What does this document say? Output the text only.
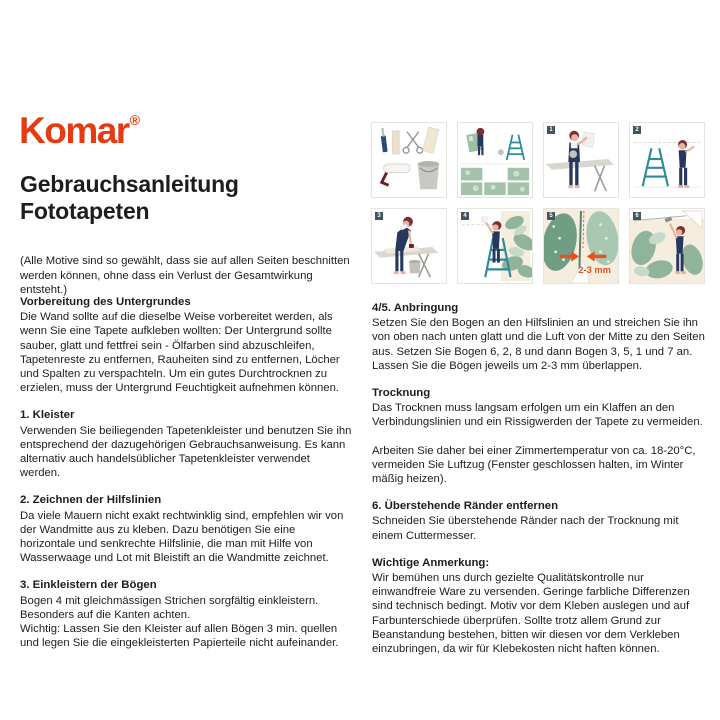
Komar®
Gebrauchsanleitung
Fototapeten

(Alle Motive sind so gewählt, dass sie auf allen Seiten beschnitten werden können, ohne dass ein Verlust der Gesamtwirkung entsteht.)

1	2
3	4	5
2-3 mm
6
Vorbereitung des Untergrundes

Die Wand sollte auf die dieselbe Weise vorbereitet werden, als wenn Sie eine Tapete aufkleben wollten: Der Untergrund sollte sauber, glatt und fettfrei sein - Ölfarben sind abzuschleifen, Tapetenreste zu entfernen, Rauheiten sind zu entfernen, Löcher und Spalten zu verspachteln. Um ein gutes Durchtrocknen zu erzielen, muss der Untergrund Feuchtigkeit aufnehmen können.

1. Kleister

Verwenden Sie beiliegenden Tapetenkleister und benutzen Sie ihn entsprechend der dazugehörigen Gebrauchsanweisung. Es kann alternativ auch handelsüblicher Tapetenkleister verwendet werden.

2. Zeichnen der Hilfslinien

Da viele Mauern nicht exakt rechtwinklig sind, empfehlen wir von der Wandmitte aus zu kleben. Dazu benötigen Sie eine horizontale und senkrechte Hilfslinie, die man mit Hilfe von Wasserwaage und Lot mit Bleistift an die Wandmitte zeichnet.

3. Einkleistern der Bögen

Bogen 4 mit gleichmässigen Strichen sorgfältig einkleistern. Besonders auf die Kanten achten.

Wichtig: Lassen Sie den Kleister auf allen Bögen 3 min. quellen und legen Sie die eingekleisterten Papierteile nicht aufeinander.

4/5. Anbringung

Setzen Sie den Bogen an den Hilfslinien an und streichen Sie ihn von oben nach unten glatt und die Luft von der Mitte zu den Seiten aus. Setzen Sie Bogen 6, 2, 8 und dann Bogen 3, 5, 1 und 7 an. Lassen Sie die Bögen jeweils um 2-3 mm überlappen.

Trocknung

Das Trocknen muss langsam erfolgen um ein Klaffen an den Verbindungslinien und ein Rissigwerden der Tapete zu vermeiden.

Arbeiten Sie daher bei einer Zimmertemperatur von ca. 18-20°C, vermeiden Sie Luftzug (Fenster geschlossen halten, im Winter mäßig heizen).

6. Überstehende Ränder entfernen

Schneiden Sie überstehende Ränder nach der Trocknung mit einem Cuttermesser.

Wichtige Anmerkung:

Wir bemühen uns durch gezielte Qualitätskontrolle nur einwandfreie Ware zu versenden. Geringe farbliche Differenzen sind technisch bedingt. Motiv vor dem Kleben auslegen und auf Farbunterschiede überprüfen. Sollte trotz allem Grund zur Beanstandung bestehen, bitten wir diesen vor dem Verkleben einzubringen, da wir für Klebekosten nicht haften können.
